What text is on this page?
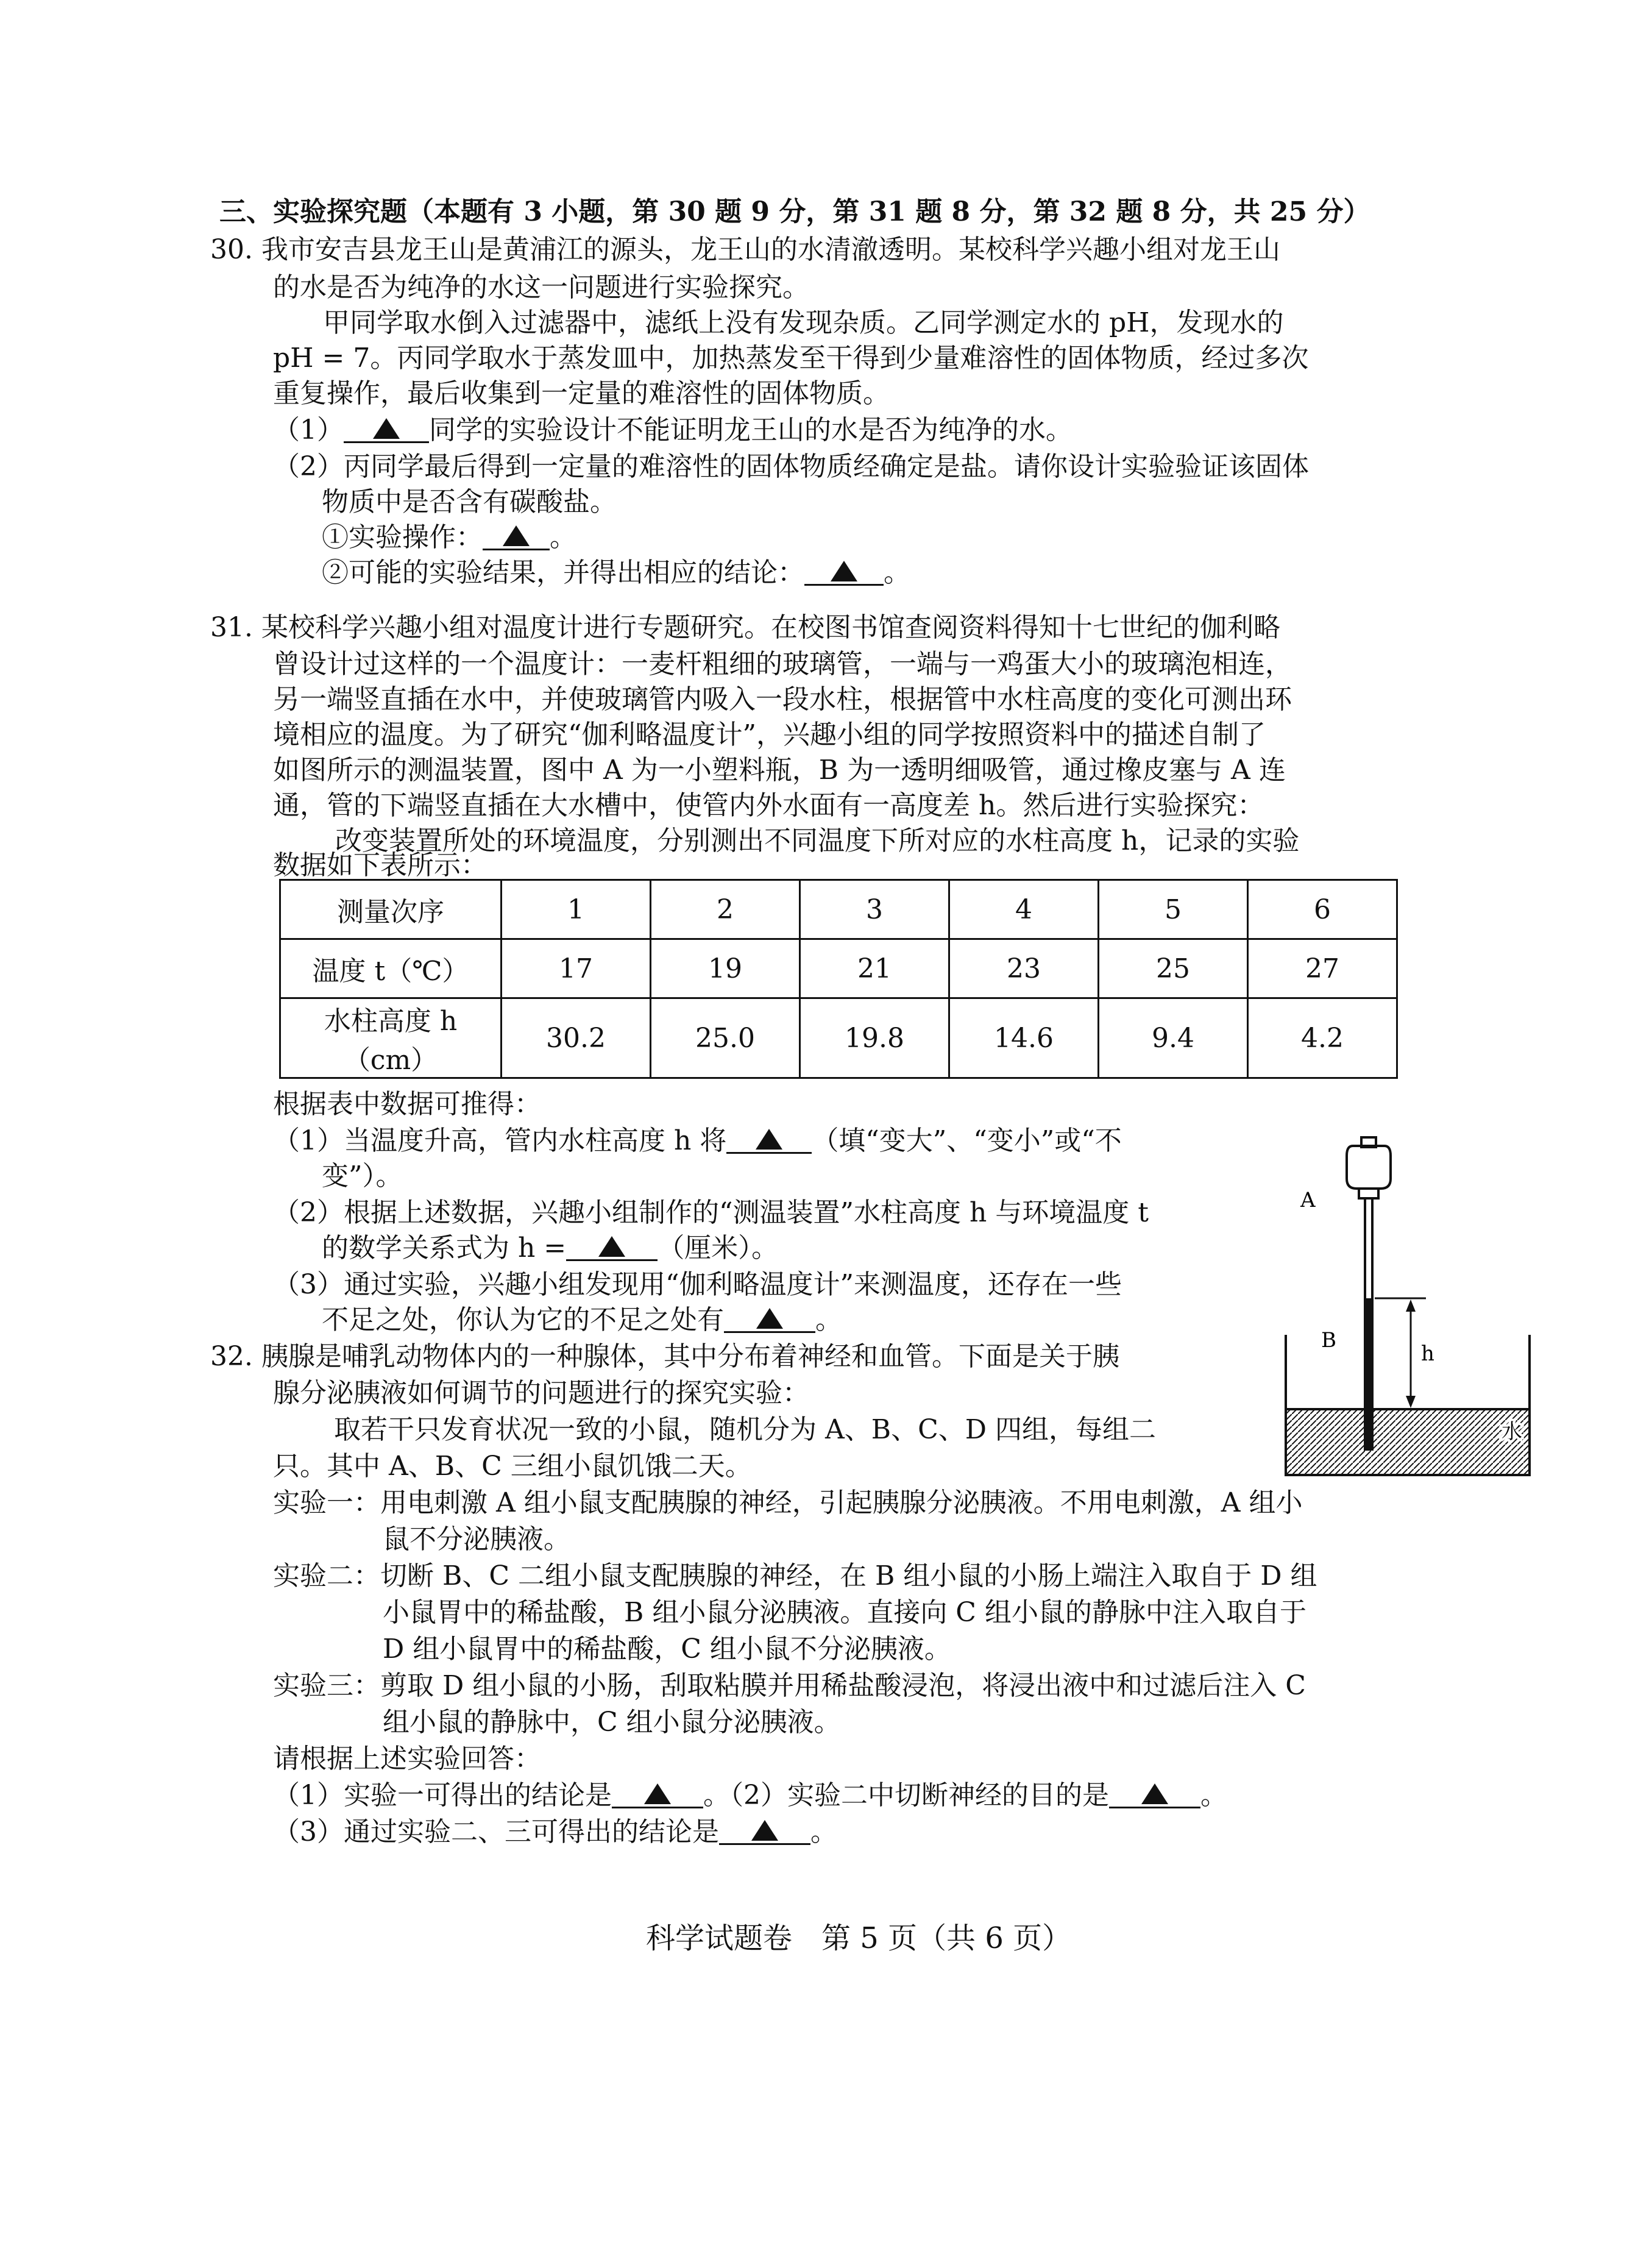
三、实验探究题（本题有 3 小题，第 30 题 9 分，第 31 题 8 分，第 32 题 8 分，共 25 分）
30. 我市安吉县龙王山是黄浦江的源头，龙王山的水清澈透明。某校科学兴趣小组对龙王山
的水是否为纯净的水这一问题进行实验探究。
甲同学取水倒入过滤器中，滤纸上没有发现杂质。乙同学测定水的 pH，发现水的
pH = 7。丙同学取水于蒸发皿中，加热蒸发至干得到少量难溶性的固体物质，经过多次
重复操作，最后收集到一定量的难溶性的固体物质。
（1）	同学的实验设计不能证明龙王山的水是否为纯净的水。
（2）丙同学最后得到一定量的难溶性的固体物质经确定是盐。请你设计实验验证该固体
物质中是否含有碳酸盐。
①实验操作：	。
②可能的实验结果，并得出相应的结论：	。
31. 某校科学兴趣小组对温度计进行专题研究。在校图书馆查阅资料得知十七世纪的伽利略
曾设计过这样的一个温度计：一麦杆粗细的玻璃管，一端与一鸡蛋大小的玻璃泡相连，
另一端竖直插在水中，并使玻璃管内吸入一段水柱，根据管中水柱高度的变化可测出环
境相应的温度。为了研究“伽利略温度计”，兴趣小组的同学按照资料中的描述自制了
如图所示的测温装置，图中 A 为一小塑料瓶，B 为一透明细吸管，通过橡皮塞与 A 连
通，管的下端竖直插在大水槽中，使管内外水面有一高度差 h。然后进行实验探究：
改变装置所处的环境温度，分别测出不同温度下所对应的水柱高度 h，记录的实验
数据如下表所示：
测量次序	1	2	3	4	5	6
温度 t（℃）	17	19	21	23	25	27
水柱高度 h（cm）	30.2	25.0	19.8	14.6	9.4	4.2
根据表中数据可推得：
（1）当温度升高，管内水柱高度 h 将	（填“变大”、“变小”或“不
变”）。
（2）根据上述数据，兴趣小组制作的“测温装置”水柱高度 h 与环境温度 t
的数学关系式为 h =	（厘米）。
（3）通过实验，兴趣小组发现用“伽利略温度计”来测温度，还存在一些
不足之处，你认为它的不足之处有	。
A
B
h
水
32. 胰腺是哺乳动物体内的一种腺体，其中分布着神经和血管。下面是关于胰
腺分泌胰液如何调节的问题进行的探究实验：
取若干只发育状况一致的小鼠，随机分为 A、B、C、D 四组，每组二
只。其中 A、B、C 三组小鼠饥饿二天。
实验一：用电刺激 A 组小鼠支配胰腺的神经，引起胰腺分泌胰液。不用电刺激，A 组小
鼠不分泌胰液。
实验二：切断 B、C 二组小鼠支配胰腺的神经，在 B 组小鼠的小肠上端注入取自于 D 组
小鼠胃中的稀盐酸，B 组小鼠分泌胰液。直接向 C 组小鼠的静脉中注入取自于
D 组小鼠胃中的稀盐酸，C 组小鼠不分泌胰液。
实验三：剪取 D 组小鼠的小肠，刮取粘膜并用稀盐酸浸泡，将浸出液中和过滤后注入 C
组小鼠的静脉中，C 组小鼠分泌胰液。
请根据上述实验回答：
（1）实验一可得出的结论是	。（2）实验二中切断神经的目的是	。
（3）通过实验二、三可得出的结论是	。
科学试题卷　第 5 页（共 6 页）
